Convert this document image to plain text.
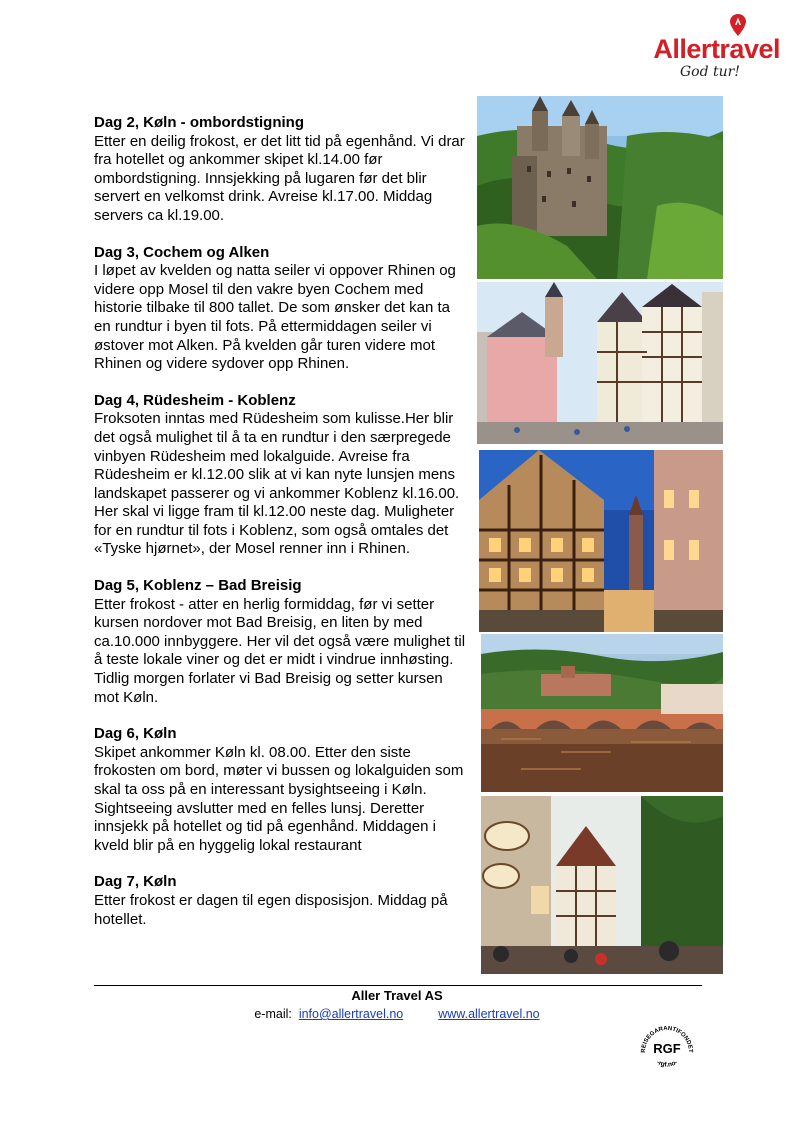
Allertravel
God tur!
Dag 2, Køln - ombordstigning

Etter en deilig frokost, er det litt tid på egenhånd. Vi drar fra hotellet og ankommer skipet kl.14.00 før ombordstigning. Innsjekking på lugaren før det blir servert en velkomst drink. Avreise kl.17.00. Middag servers ca kl.19.00.

Dag 3, Cochem og Alken

I løpet av kvelden og natta seiler vi oppover Rhinen og videre opp Mosel til den vakre byen Cochem med historie tilbake til 800 tallet. De som ønsker det kan ta en rundtur i byen til fots. På ettermiddagen seiler vi østover mot Alken. På kvelden går turen videre mot Rhinen og videre sydover opp Rhinen.

Dag 4, Rüdesheim - Koblenz

Froksoten inntas med Rüdesheim som kulisse.Her blir det også mulighet til å ta en rundtur i den særpregede vinbyen Rüdesheim med lokalguide. Avreise fra Rüdesheim er kl.12.00 slik at vi kan nyte lunsjen mens landskapet passerer og vi ankommer Koblenz kl.16.00. Her skal vi ligge fram til kl.12.00 neste dag. Muligheter for en rundtur til fots i Koblenz, som også omtales det «Tyske hjørnet», der Mosel renner inn i Rhinen.

Dag 5, Koblenz – Bad Breisig

Etter frokost - atter en herlig formiddag, før vi setter kursen nordover mot Bad Breisig, en liten by med ca.10.000 innbyggere. Her vil det også være mulighet til å teste lokale viner og det er midt i vindrue innhøsting. Tidlig morgen forlater vi Bad Breisig og setter kursen mot Køln.

Dag 6, Køln

Skipet ankommer Køln kl. 08.00. Etter den siste frokosten om bord, møter vi bussen og lokalguiden som skal ta oss på en interessant bysightseeing i Køln. Sightseeing avslutter med en felles lunsj. Deretter innsjekk på hotellet og tid på egenhånd. Middagen i kveld blir på en hyggelig lokal restaurant

Dag 7, Køln

Etter frokost er dagen til egen disposisjon. Middag på hotellet.

Aller Travel AS
e-mail: info@allertravel.no	www.allertravel.no
REISEGARANTIFONDET
RGF
-rgf.no-
